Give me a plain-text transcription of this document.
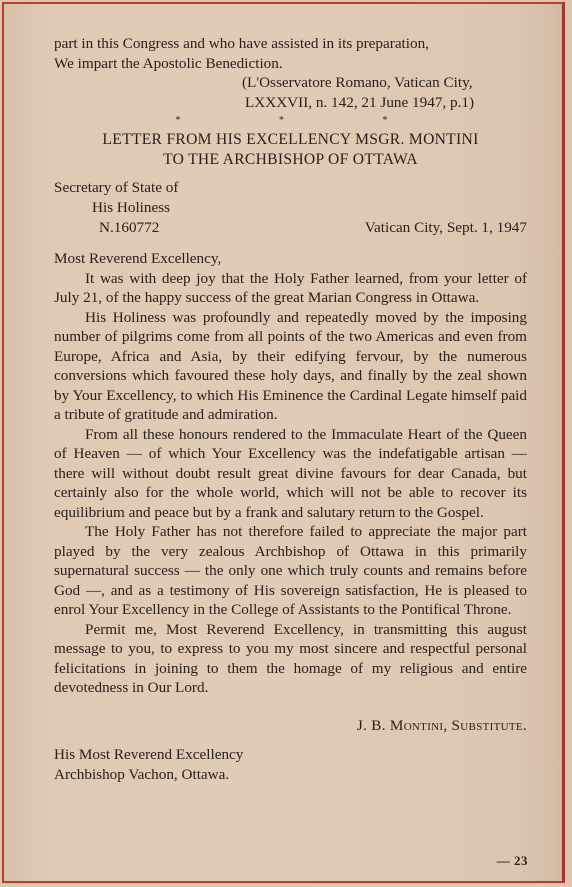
part in this Congress and who have assisted in its preparation,

We impart the Apostolic Benediction.

(L'Osservatore Romano, Vatican City,
LXXXVII, n. 142, 21 June 1947, p.1)
* * *
LETTER FROM HIS EXCELLENCY MSGR. MONTINI
TO THE ARCHBISHOP OF OTTAWA
Secretary of State of
His Holiness
N.160772	Vatican City, Sept. 1, 1947

Most Reverend Excellency,

It was with deep joy that the Holy Father learned, from your letter of July 21, of the happy success of the great Marian Congress in Ottawa.

His Holiness was profoundly and repeatedly moved by the imposing number of pilgrims come from all points of the two Americas and even from Europe, Africa and Asia, by their edifying fervour, by the numerous conversions which favoured these holy days, and finally by the zeal shown by Your Excellency, to which His Eminence the Cardinal Legate himself paid a tribute of gratitude and admiration.

From all these honours rendered to the Immaculate Heart of the Queen of Heaven — of which Your Excellency was the indefatigable artisan — there will without doubt result great divine favours for dear Canada, but certainly also for the whole world, which will not be able to recover its equilibrium and peace but by a frank and salutary return to the Gospel.

The Holy Father has not therefore failed to appreciate the major part played by the very zealous Archbishop of Ottawa in this primarily supernatural success — the only one which truly counts and remains before God —, and as a testimony of His sovereign satisfaction, He is pleased to enrol Your Excellency in the College of Assistants to the Pontifical Throne.

Permit me, Most Reverend Excellency, in transmitting this august message to you, to express to you my most sincere and respectful personal felicitations in joining to them the homage of my religious and entire devotedness in Our Lord.

J. B. Montini, Substitute.
His Most Reverend Excellency
Archbishop Vachon, Ottawa.
— 23
